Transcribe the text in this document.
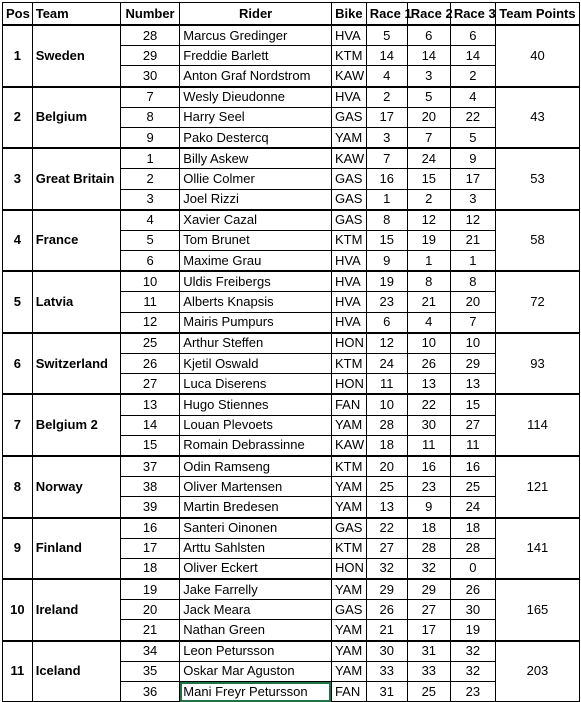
Pos	Team	Number	Rider	Bike	Race 1	Race 2	Race 3	Team Points
1	Sweden	28	Marcus Gredinger	HVA	5	6	6	40
		29	Freddie Barlett	KTM	14	14	14	
		30	Anton Graf Nordstrom	KAW	4	3	2	
2	Belgium	7	Wesly Dieudonne	HVA	2	5	4	43
		8	Harry Seel	GAS	17	20	22	
		9	Pako Destercq	YAM	3	7	5	
3	Great Britain	1	Billy Askew	KAW	7	24	9	53
		2	Ollie Colmer	GAS	16	15	17	
		3	Joel Rizzi	GAS	1	2	3	
4	France	4	Xavier Cazal	GAS	8	12	12	58
		5	Tom Brunet	KTM	15	19	21	
		6	Maxime Grau	HVA	9	1	1	
5	Latvia	10	Uldis Freibergs	HVA	19	8	8	72
		11	Alberts Knapsis	HVA	23	21	20	
		12	Mairis Pumpurs	HVA	6	4	7	
6	Switzerland	25	Arthur Steffen	HON	12	10	10	93
		26	Kjetil Oswald	KTM	24	26	29	
		27	Luca Diserens	HON	11	13	13	
7	Belgium 2	13	Hugo Stiennes	FAN	10	22	15	114
		14	Louan Plevoets	YAM	28	30	27	
		15	Romain Debrassinne	KAW	18	11	11	
8	Norway	37	Odin Ramseng	KTM	20	16	16	121
		38	Oliver Martensen	YAM	25	23	25	
		39	Martin Bredesen	YAM	13	9	24	
9	Finland	16	Santeri Oinonen	GAS	22	18	18	141
		17	Arttu Sahlsten	KTM	27	28	28	
		18	Oliver Eckert	HON	32	32	0	
10	Ireland	19	Jake Farrelly	YAM	29	29	26	165
		20	Jack Meara	GAS	26	27	30	
		21	Nathan Green	YAM	21	17	19	
11	Iceland	34	Leon Petursson	YAM	30	31	32	203
		35	Oskar Mar Aguston	YAM	33	33	32	
		36	Mani Freyr Petursson	FAN	31	25	23	
